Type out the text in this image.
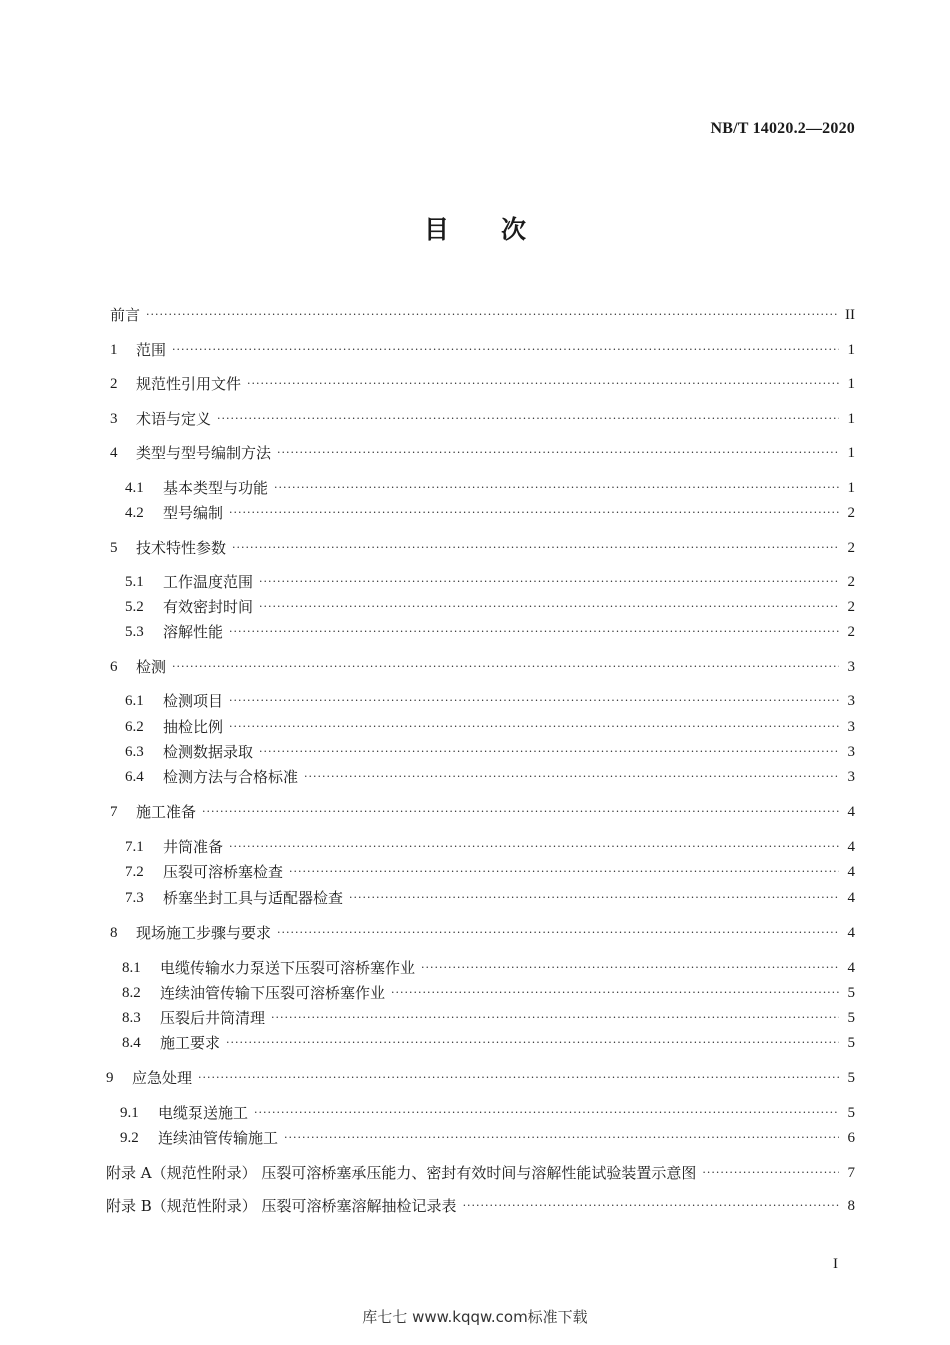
NB/T 14020.2—2020
目 次
前言 ·····	II
1	范围 ·····	1
2	规范性引用文件 ·····	1
3	术语与定义 ·····	1
4	类型与型号编制方法 ·····	1
4.1	基本类型与功能 ·····	1
4.2	型号编制 ·····	2
5	技术特性参数 ·····	2
5.1	工作温度范围 ·····	2
5.2	有效密封时间 ·····	2
5.3	溶解性能 ·····	2
6	检测 ·····	3
6.1	检测项目 ·····	3
6.2	抽检比例 ·····	3
6.3	检测数据录取 ·····	3
6.4	检测方法与合格标准 ·····	3
7	施工准备 ·····	4
7.1	井筒准备 ·····	4
7.2	压裂可溶桥塞检查 ·····	4
7.3	桥塞坐封工具与适配器检查 ·····	4
8	现场施工步骤与要求 ·····	4
8.1	电缆传输水力泵送下压裂可溶桥塞作业 ·····	4
8.2	连续油管传输下压裂可溶桥塞作业 ·····	5
8.3	压裂后井筒清理 ·····	5
8.4	施工要求 ·····	5
9	应急处理 ·····	5
9.1	电缆泵送施工 ·····	5
9.2	连续油管传输施工 ·····	6
附录 A（规范性附录） 压裂可溶桥塞承压能力、密封有效时间与溶解性能试验装置示意图 ·····	7
附录 B（规范性附录） 压裂可溶桥塞溶解抽检记录表 ·····	8
I
库七七 www.kqqw.com标准下载
